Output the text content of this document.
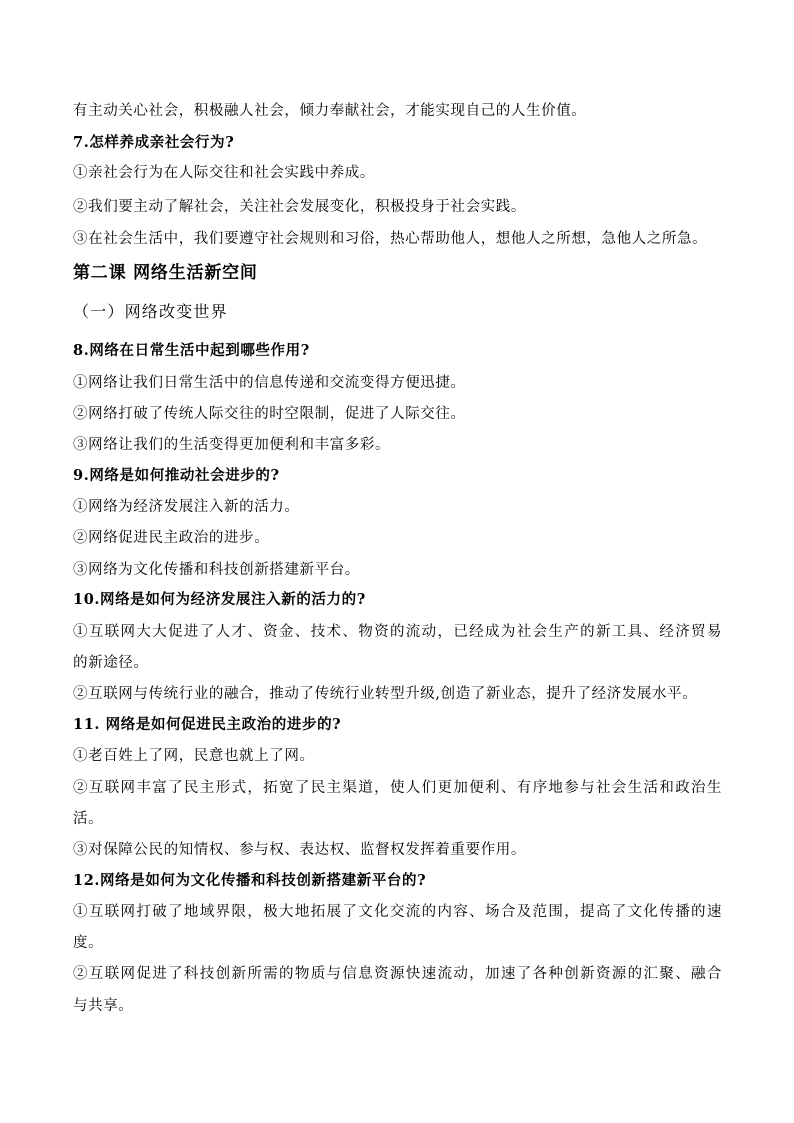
有主动关心社会，积极融人社会，倾力奉献社会，才能实现自己的人生价值。
7.怎样养成亲社会行为?
①亲社会行为在人际交往和社会实践中养成。
②我们要主动了解社会，关注社会发展变化，积极投身于社会实践。
③在社会生活中，我们要遵守社会规则和习俗，热心帮助他人，想他人之所想，急他人之所急。
第二课 网络生活新空间
（一）网络改变世界
8.网络在日常生活中起到哪些作用?
①网络让我们日常生活中的信息传递和交流变得方便迅捷。
②网络打破了传统人际交往的时空限制，促进了人际交往。
③网络让我们的生活变得更加便利和丰富多彩。
9.网络是如何推动社会进步的?
①网络为经济发展注入新的活力。
②网络促进民主政治的进步。
③网络为文化传播和科技创新搭建新平台。
10.网络是如何为经济发展注入新的活力的?
①互联网大大促进了人才、资金、技术、物资的流动，已经成为社会生产的新工具、经济贸易
的新途径。
②互联网与传统行业的融合，推动了传统行业转型升级,创造了新业态，提升了经济发展水平。
11. 网络是如何促进民主政治的进步的?
①老百姓上了网，民意也就上了网。
②互联网丰富了民主形式，拓宽了民主渠道，使人们更加便利、有序地参与社会生活和政治生
活。
③对保障公民的知情权、参与权、表达权、监督权发挥着重要作用。
12.网络是如何为文化传播和科技创新搭建新平台的?
①互联网打破了地域界限，极大地拓展了文化交流的内容、场合及范围，提高了文化传播的速
度。
②互联网促进了科技创新所需的物质与信息资源快速流动，加速了各种创新资源的汇聚、融合
与共享。
